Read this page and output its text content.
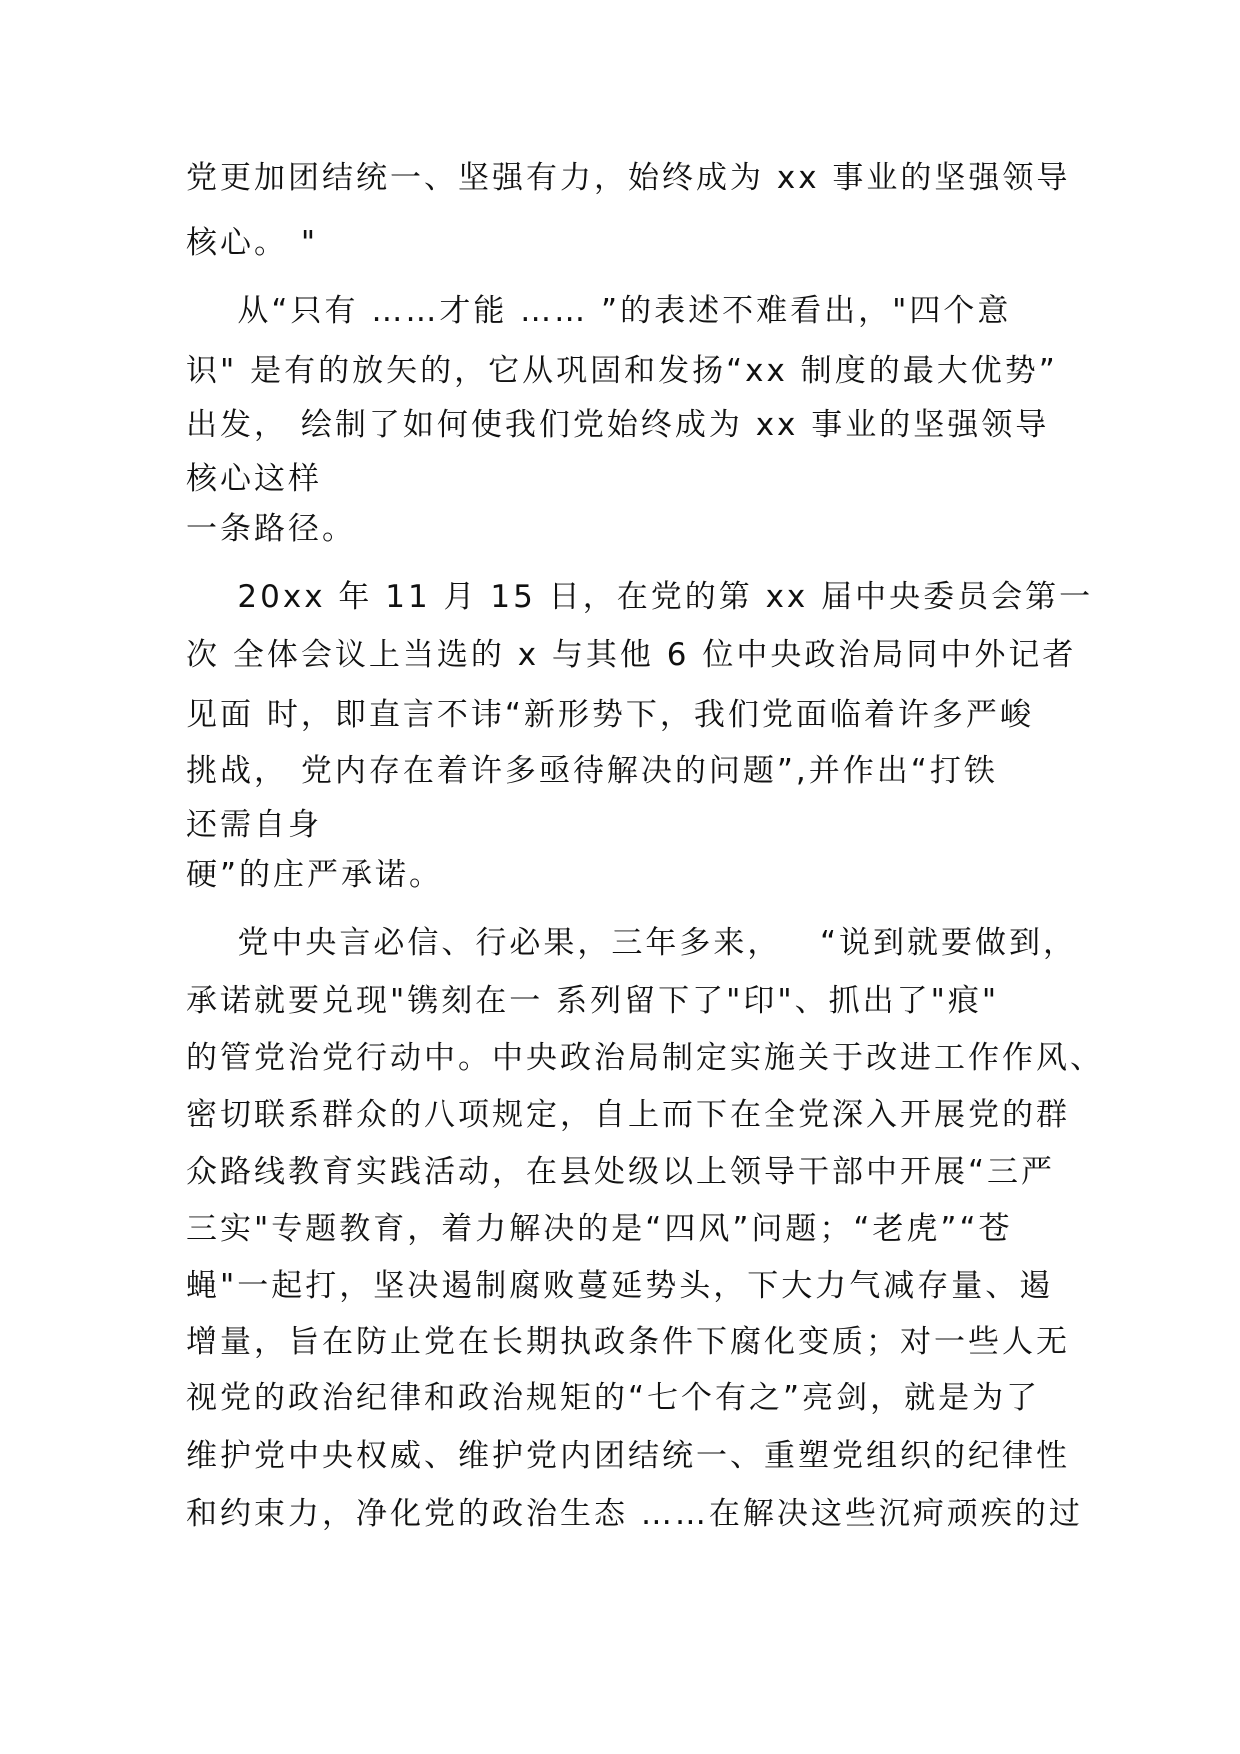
党更加团结统一、坚强有力，始终成为 xx 事业的坚强领导
核心。 "
从“只有 ……才能 …… ”的表述不难看出，"四个意
识" 是有的放矢的，它从巩固和发扬“xx 制度的最大优势”
出发， 绘制了如何使我们党始终成为 xx 事业的坚强领导
核心这样
一条路径。
20xx 年 11 月 15 日，在党的第 xx 届中央委员会第一
次 全体会议上当选的 x 与其他 6 位中央政治局同中外记者
见面 时，即直言不讳“新形势下，我们党面临着许多严峻
挑战， 党内存在着许多亟待解决的问题”,并作出“打铁
还需自身
硬”的庄严承诺。
党中央言必信、行必果，三年多来，   “说到就要做到，
承诺就要兑现"镌刻在一 系列留下了"印"、抓出了"痕"
的管党治党行动中。中央政治局制定实施关于改进工作作风、
密切联系群众的八项规定，自上而下在全党深入开展党的群
众路线教育实践活动，在县处级以上领导干部中开展“三严
三实"专题教育，着力解决的是“四风”问题；“老虎”“苍
蝇"一起打，坚决遏制腐败蔓延势头，下大力气减存量、遏
增量，旨在防止党在长期执政条件下腐化变质；对一些人无
视党的政治纪律和政治规矩的“七个有之”亮剑，就是为了
维护党中央权威、维护党内团结统一、重塑党组织的纪律性
和约束力，净化党的政治生态 ……在解决这些沉疴顽疾的过
